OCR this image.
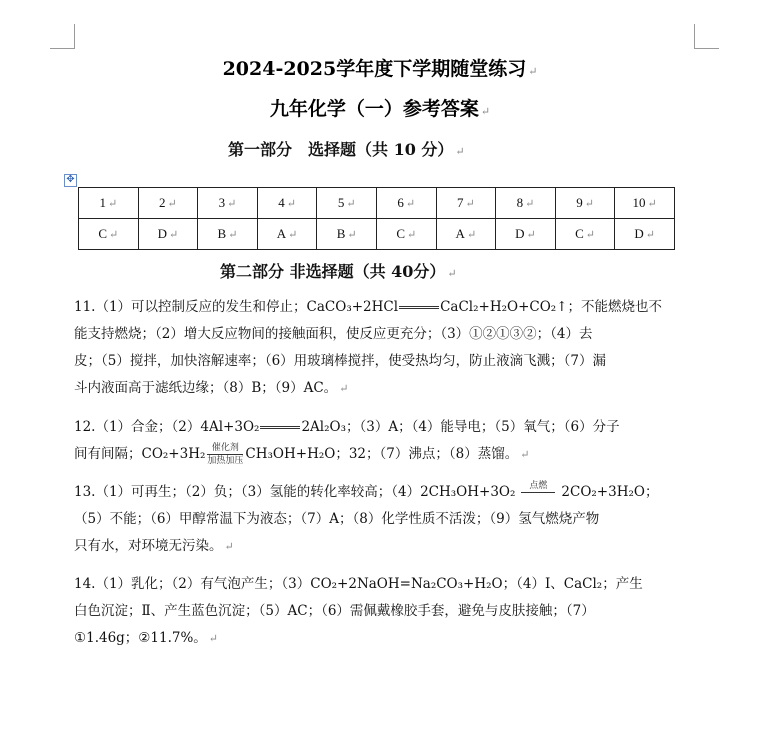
2024-2025学年度下学期随堂练习 ↵
九年化学（一）参考答案 ↵
第一部分　选择题（共 10 分） ↵
✥
1 ↵	2 ↵	3 ↵	4 ↵	5 ↵	6 ↵	7 ↵	8 ↵	9 ↵	10 ↵
C ↵	D ↵	B ↵	A ↵	B ↵	C ↵	A ↵	D ↵	C ↵	D ↵
第二部分 非选择题（共 40分） ↵

11.（1）可以控制反应的发生和停止；CaCO₃+2HCl	CaCl₂+H₂O+CO₂↑；不能燃烧也不

能支持燃烧；（2）增大反应物间的接触面积，使反应更充分；（3）①②①③②；（4）去

皮；（5）搅拌，加快溶解速率；（6）用玻璃棒搅拌，使受热均匀，防止液滴飞溅；（7）漏

斗内液面高于滤纸边缘；（8）B；（9）AC。 ↵

12.（1）合金；（2）4Al+3O₂	2Al₂O₃；（3）A；（4）能导电；（5）氧气；（6）分子

间有间隔；CO₂+3H₂ 催化剂
加热加压 CH₃OH+H₂O；32；（7）沸点；（8）蒸馏。 ↵

13.（1）可再生；（2）负；（3）氢能的转化率较高；（4）2CH₃OH+3O₂ 点燃 2CO₂+3H₂O；

（5）不能；（6）甲醇常温下为液态；（7）A；（8）化学性质不活泼；（9）氢气燃烧产物

只有水，对环境无污染。 ↵

14.（1）乳化；（2）有气泡产生；（3）CO₂+2NaOH=Na₂CO₃+H₂O；（4）Ⅰ、CaCl₂；产生

白色沉淀；Ⅱ、产生蓝色沉淀；（5）AC；（6）需佩戴橡胶手套，避免与皮肤接触；（7）

①1.46g；②11.7%。 ↵
